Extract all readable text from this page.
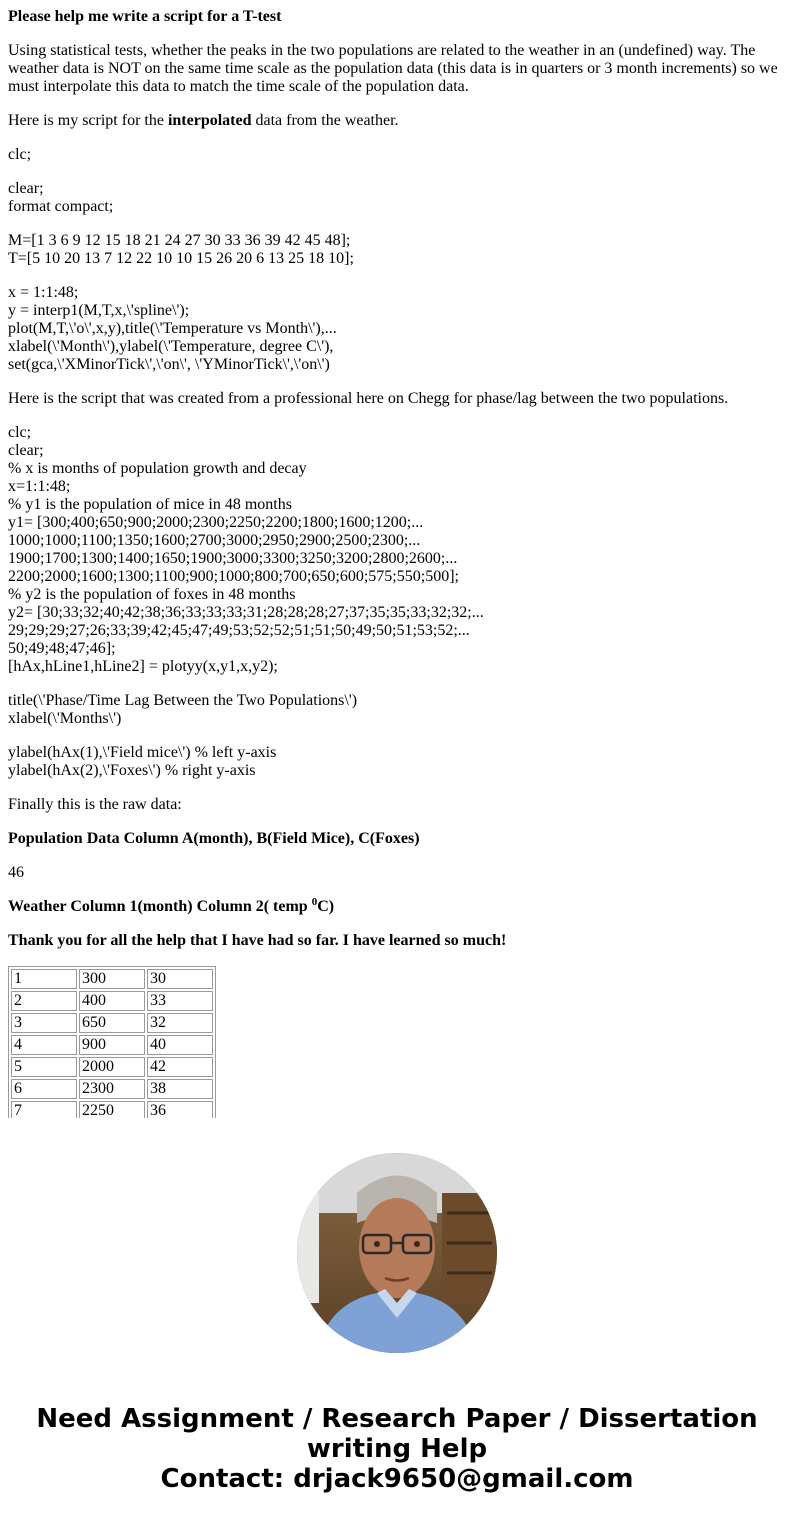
Please help me write a script for a T-test

Using statistical tests, whether the peaks in the two populations are related to the weather in an (undefined) way. The weather data is NOT on the same time scale as the population data (this data is in quarters or 3 month increments) so we must interpolate this data to match the time scale of the population data.

Here is my script for the interpolated data from the weather.

clc;

clear;
format compact;

M=[1 3 6 9 12 15 18 21 24 27 30 33 36 39 42 45 48];
T=[5 10 20 13 7 12 22 10 10 15 26 20 6 13 25 18 10];

x = 1:1:48;
y = interp1(M,T,x,\'spline\');
plot(M,T,\'o\',x,y),title(\'Temperature vs Month\'),...
xlabel(\'Month\'),ylabel(\'Temperature, degree C\'),
set(gca,\'XMinorTick\',\'on\', \'YMinorTick\',\'on\')

Here is the script that was created from a professional here on Chegg for phase/lag between the two populations.

clc;
clear;
% x is months of population growth and decay
x=1:1:48;
% y1 is the population of mice in 48 months
y1= [300;400;650;900;2000;2300;2250;2200;1800;1600;1200;...
1000;1000;1100;1350;1600;2700;3000;2950;2900;2500;2300;...
1900;1700;1300;1400;1650;1900;3000;3300;3250;3200;2800;2600;...
2200;2000;1600;1300;1100;900;1000;800;700;650;600;575;550;500];
% y2 is the population of foxes in 48 months
y2= [30;33;32;40;42;38;36;33;33;33;31;28;28;28;27;37;35;35;33;32;32;...
29;29;29;27;26;33;39;42;45;47;49;53;52;52;51;51;50;49;50;51;53;52;...
50;49;48;47;46];
[hAx,hLine1,hLine2] = plotyy(x,y1,x,y2);

title(\'Phase/Time Lag Between the Two Populations\')
xlabel(\'Months\')

ylabel(hAx(1),\'Field mice\') % left y-axis
ylabel(hAx(2),\'Foxes\') % right y-axis

Finally this is the raw data:

Population Data Column A(month), B(Field Mice), C(Foxes)

46

Weather Column 1(month) Column 2( temp $^0$C)

Thank you for all the help that I have had so far. I have learned so much!

1	300	30
2	400	33
3	650	32
4	900	40
5	2000	42
6	2300	38
7	2250	36
Need Assignment / Research Paper / Dissertation
writing Help
Contact: drjack9650@gmail.com
